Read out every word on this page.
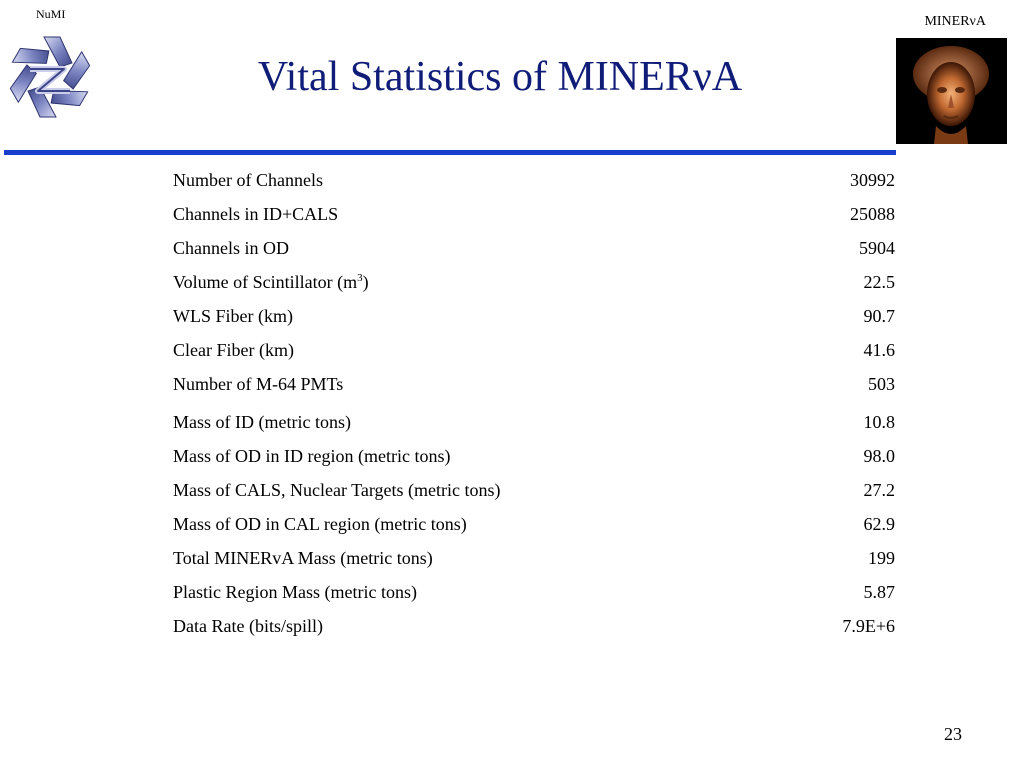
NuMI	MINERνA
Vital Statistics of MINERνA
Number of Channels	30992
Channels in ID+CALS	25088
Channels in OD	5904
Volume of Scintillator $(m^3)$	22.5
WLS Fiber (km)	90.7
Clear Fiber (km)	41.6
Number of M-64 PMTs	503
Mass of ID (metric tons)	10.8
Mass of OD in ID region (metric tons)	98.0
Mass of CALS, Nuclear Targets (metric tons)	27.2
Mass of OD in CAL region (metric tons)	62.9
Total MINERvA Mass (metric tons)	199
Plastic Region Mass (metric tons)	5.87
Data Rate (bits/spill)	7.9E+6
23
